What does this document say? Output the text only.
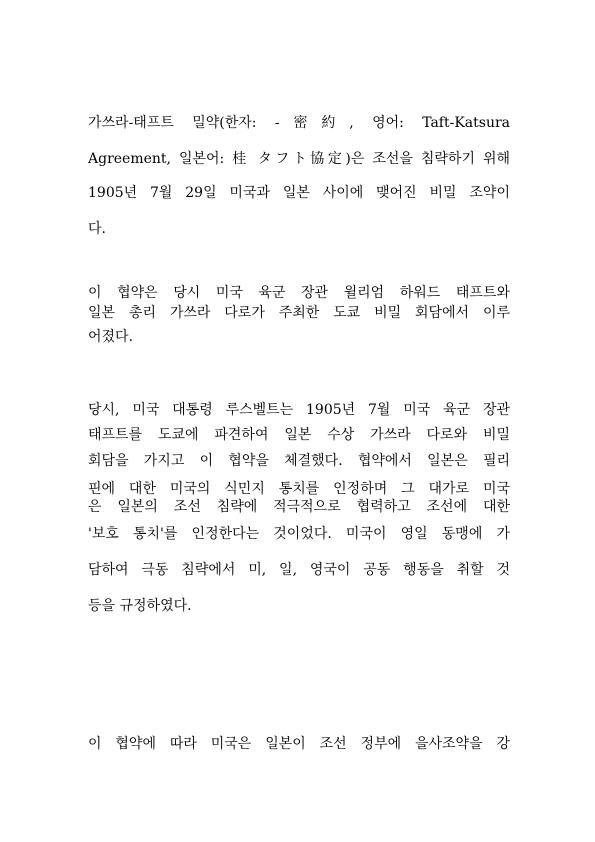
가쓰라-태프트 밀약(한자: -密約, 영어: Taft-Katsura
Agreement, 일본어: 桂 タフト協定)은 조선을 침략하기 위해
1905년 7월 29일 미국과 일본 사이에 맺어진 비밀 조약이
다.
이 협약은 당시 미국 육군 장관 윌리엄 하워드 태프트와
일본 총리 가쓰라 다로가 주최한 도쿄 비밀 회담에서 이루
어졌다.
당시, 미국 대통령 루스벨트는 1905년 7월 미국 육군 장관
태프트를 도쿄에 파견하여 일본 수상 가쓰라 다로와 비밀
회담을 가지고 이 협약을 체결했다. 협약에서 일본은 필리
핀에 대한 미국의 식민지 통치를 인정하며 그 대가로 미국
은 일본의 조선 침략에 적극적으로 협력하고 조선에 대한
'보호 통치'를 인정한다는 것이었다. 미국이 영일 동맹에 가
담하여 극동 침략에서 미, 일, 영국이 공동 행동을 취할 것
등을 규정하였다.
이 협약에 따라 미국은 일본이 조선 정부에 을사조약을 강
